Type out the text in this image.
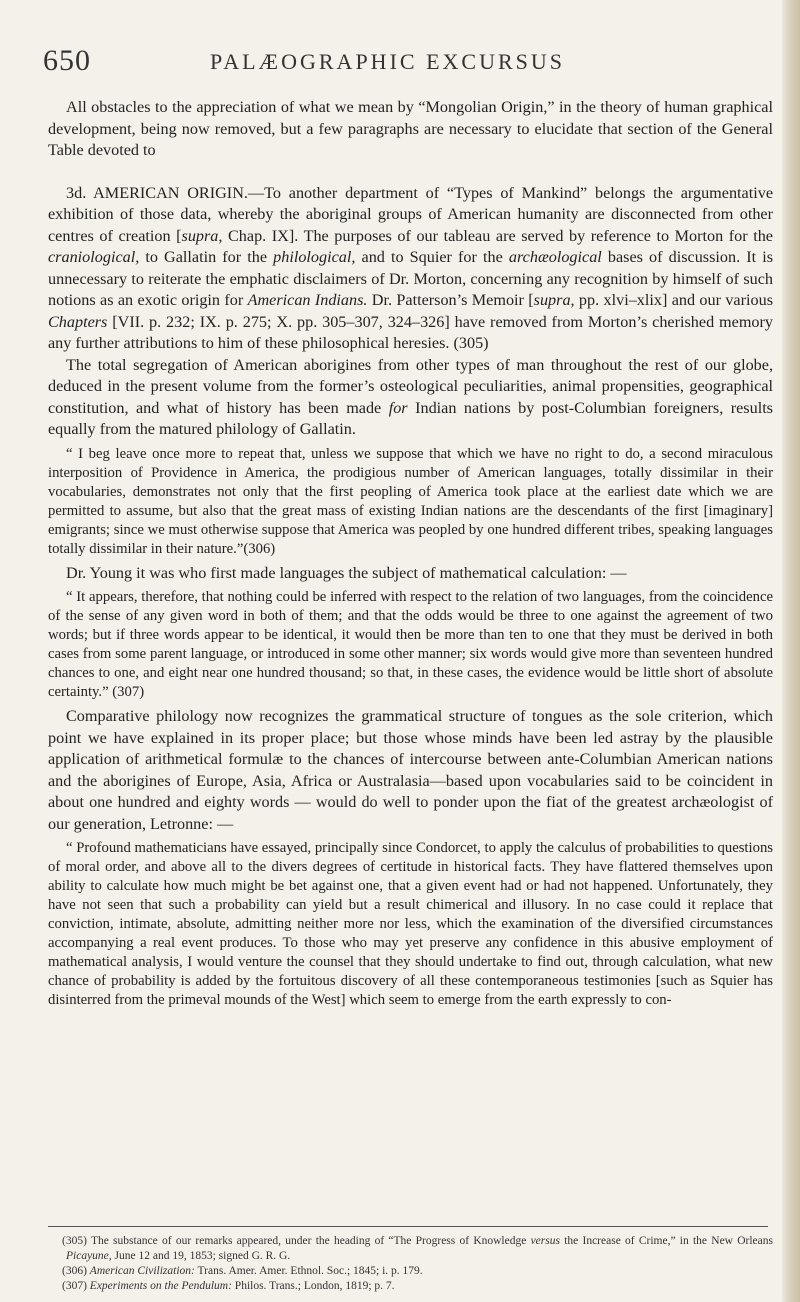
650	PALÆOGRAPHIC EXCURSUS

All obstacles to the appreciation of what we mean by “Mongolian Origin,” in the theory of human graphical development, being now removed, but a few paragraphs are necessary to elucidate that section of the General Table devoted to

3d. AMERICAN ORIGIN.—To another department of “Types of Mankind” belongs the argumentative exhibition of those data, whereby the aboriginal groups of American humanity are disconnected from other centres of creation [supra, Chap. IX]. The purposes of our tableau are served by reference to Morton for the craniological, to Gallatin for the philological, and to Squier for the archæological bases of discussion. It is unnecessary to reiterate the emphatic disclaimers of Dr. Morton, concerning any recognition by himself of such notions as an exotic origin for American Indians. Dr. Patterson’s Memoir [supra, pp. xlvi–xlix] and our various Chapters [VII. p. 232; IX. p. 275; X. pp. 305–307, 324–326] have removed from Morton’s cherished memory any further attributions to him of these philosophical heresies. (305)

The total segregation of American aborigines from other types of man throughout the rest of our globe, deduced in the present volume from the former’s osteological peculiarities, animal propensities, geographical constitution, and what of history has been made for Indian nations by post-Columbian foreigners, results equally from the matured philology of Gallatin.

“ I beg leave once more to repeat that, unless we suppose that which we have no right to do, a second miraculous interposition of Providence in America, the prodigious number of American languages, totally dissimilar in their vocabularies, demonstrates not only that the first peopling of America took place at the earliest date which we are permitted to assume, but also that the great mass of existing Indian nations are the descendants of the first [imaginary] emigrants; since we must otherwise suppose that America was peopled by one hundred different tribes, speaking languages totally dissimilar in their nature.”(306)

Dr. Young it was who first made languages the subject of mathematical calculation: —

“ It appears, therefore, that nothing could be inferred with respect to the relation of two languages, from the coincidence of the sense of any given word in both of them; and that the odds would be three to one against the agreement of two words; but if three words appear to be identical, it would then be more than ten to one that they must be derived in both cases from some parent language, or introduced in some other manner; six words would give more than seventeen hundred chances to one, and eight near one hundred thousand; so that, in these cases, the evidence would be little short of absolute certainty.” (307)

Comparative philology now recognizes the grammatical structure of tongues as the sole criterion, which point we have explained in its proper place; but those whose minds have been led astray by the plausible application of arithmetical formulæ to the chances of intercourse between ante-Columbian American nations and the aborigines of Europe, Asia, Africa or Australasia—based upon vocabularies said to be coincident in about one hundred and eighty words — would do well to ponder upon the fiat of the greatest archæologist of our generation, Letronne: —

“ Profound mathematicians have essayed, principally since Condorcet, to apply the calculus of probabilities to questions of moral order, and above all to the divers degrees of certitude in historical facts. They have flattered themselves upon ability to calculate how much might be bet against one, that a given event had or had not happened. Unfortunately, they have not seen that such a probability can yield but a result chimerical and illusory. In no case could it replace that conviction, intimate, absolute, admitting neither more nor less, which the examination of the diversified circumstances accompanying a real event produces. To those who may yet preserve any confidence in this abusive employment of mathematical analysis, I would venture the counsel that they should undertake to find out, through calculation, what new chance of probability is added by the fortuitous discovery of all these contemporaneous testimonies [such as Squier has disinterred from the primeval mounds of the West] which seem to emerge from the earth expressly to con-

(305) The substance of our remarks appeared, under the heading of “The Progress of Knowledge versus the Increase of Crime,” in the New Orleans Picayune, June 12 and 19, 1853; signed G. R. G.

(306) American Civilization: Trans. Amer. Amer. Ethnol. Soc.; 1845; i. p. 179.

(307) Experiments on the Pendulum: Philos. Trans.; London, 1819; p. 7.
